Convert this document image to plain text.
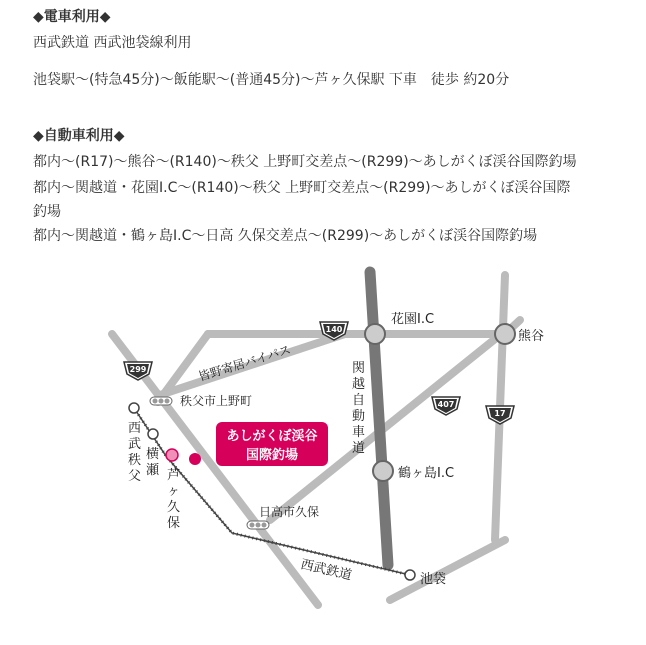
◆電車利用◆
西武鉄道 西武池袋線利用
池袋駅～(特急45分)～飯能駅～(普通45分)～芦ヶ久保駅 下車　徒歩 約20分
◆自動車利用◆
都内～(R17)～熊谷～(R140)～秩父 上野町交差点～(R299)～あしがくぼ渓谷国際釣場
都内～関越道・花園I.C～(R140)～秩父 上野町交差点～(R299)～あしがくぼ渓谷国際
釣場
都内～関越道・鶴ヶ島I.C～日高 久保交差点～(R299)～あしがくぼ渓谷国際釣場
あしがくぼ渓谷
国際釣場
299
140
407
17
花園I.C
熊谷
鶴ヶ島I.C
関
越
自
動
車
道
皆野寄居バイパス
秩父市上野町
日高市久保
西
武
秩
父
横
瀬 芦
ヶ
久
保
西武鉄道	池袋
